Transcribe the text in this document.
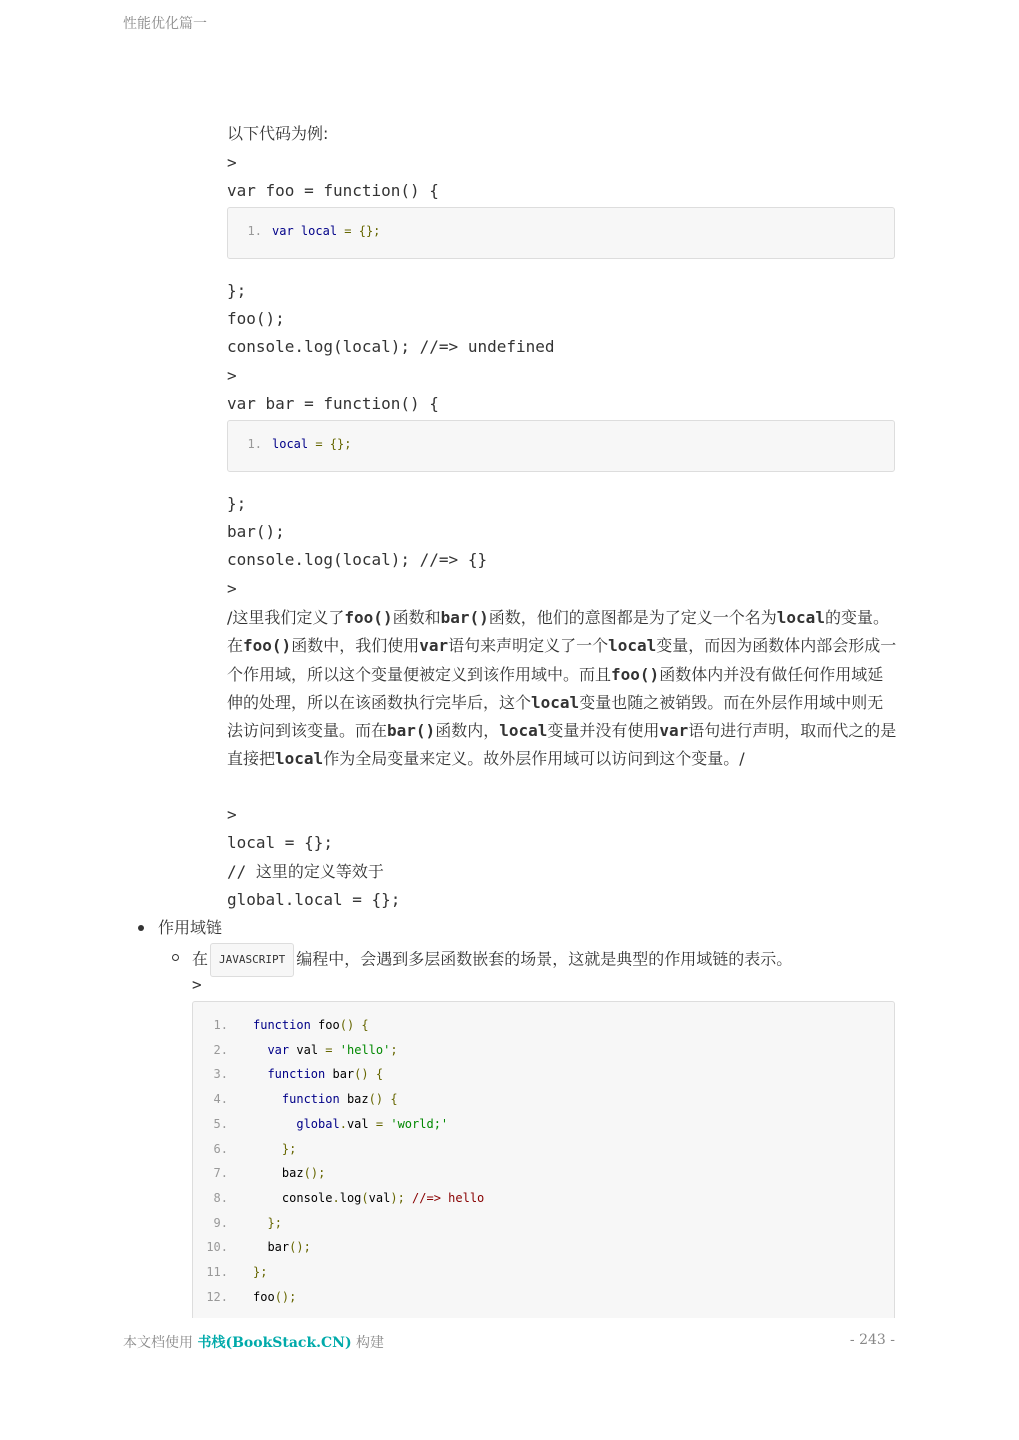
性能优化篇一
以下代码为例:
>
var foo = function() {
1. var local = {};
};
foo();
console.log(local); //=> undefined
>
var bar = function() {
1. local = {};
};
bar();
console.log(local); //=> {}
>
/这里我们定义了foo()函数和bar()函数，他们的意图都是为了定义一个名为local的变量。在foo()函数中，我们使用var语句来声明定义了一个local变量，而因为函数体内部会形成一个作用域，所以这个变量便被定义到该作用域中。而且foo()函数体内并没有做任何作用域延伸的处理，所以在该函数执行完毕后，这个local变量也随之被销毁。而在外层作用域中则无法访问到该变量。而在bar()函数内，local变量并没有使用var语句进行声明，取而代之的是直接把local作为全局变量来定义。故外层作用域可以访问到这个变量。/
>
local = {};
// 这里的定义等效于
global.local = {};
作用域链
在 JAVASCRIPT 编程中，会遇到多层函数嵌套的场景，这就是典型的作用域链的表示。
>
1. function foo() {
2.	var val = 'hello';
3.	function bar() {
4.	function baz() {
5.	global.val = 'world;'
6.	};
7.	baz();
8.	console.log(val); //=> hello
9.	};
10.	bar();
11. };
12. foo();
本文档使用 书栈(BookStack.CN) 构建	- 243 -
